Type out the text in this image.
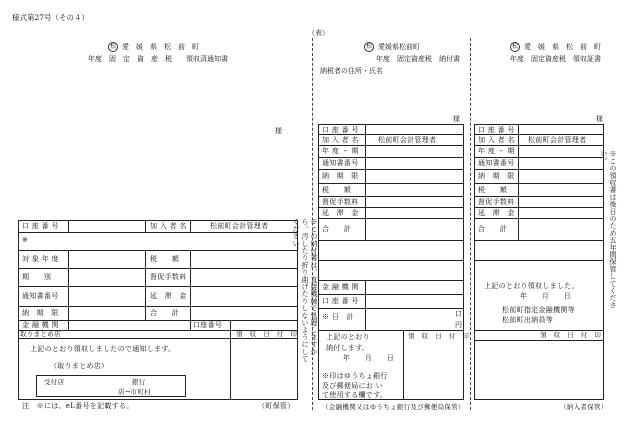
様式第27号（その４）
（表）
松 愛　媛　県　松　前　町
年度　固　定　資　産　税　　領収済通知書
様
口 座 番 号	加 入 者 名	松前町会計管理者
※
対 象 年 度	税　　額
期　　別	督促手数料
通知書番号	延　滞　金
納　期　限	合　　計
金 融 機 関	口座番号
取りまとめ店	領　収　日　付　印
上記のとおり領収しましたので通知します。
（取りまとめ店）
受付店	銀行
店→市町村
注　※には、eL番号を記載する。	（町保管）
※この納付書は、直接機械で処理しますから、汚したり折り曲げたりしないようにしてください。
松 愛媛県松前町
年度　固定資産税　納付書
納税者の住所・氏名
様
口 座 番 号
加 入 者 名	松前町会計管理者
年 度 ・ 期
通知書番号
納　期　限
税　　額
督促手数料
延　滞　金
合　　計
金 融 機 関
口 座 番 号
※ 日　計	口
円
上記のとおり	領　収　日　付　印
納付します。
年　　月　　日
※印はゆうちょ銀行
及び郵便局にお い
て使用する欄です。
（金融機関又はゆうちょ銀行及び郵便局保管）
松 愛　媛　県　松　前　町
年度　固定資産税　領収証書
様
口 座 番 号
加 入 者 名 松前町会計管理者
年 度 ・ 期
通知書番号
納　期　限
税　　額
督促手数料
延　滞　金
合　　計
上記のとおり領収しました。
年　　月　　日
松前町指定金融機関等
松前町出納員等
領　収　日　付　印
（納入者保管）
※この領収書は後日のため五年間保管してください。
